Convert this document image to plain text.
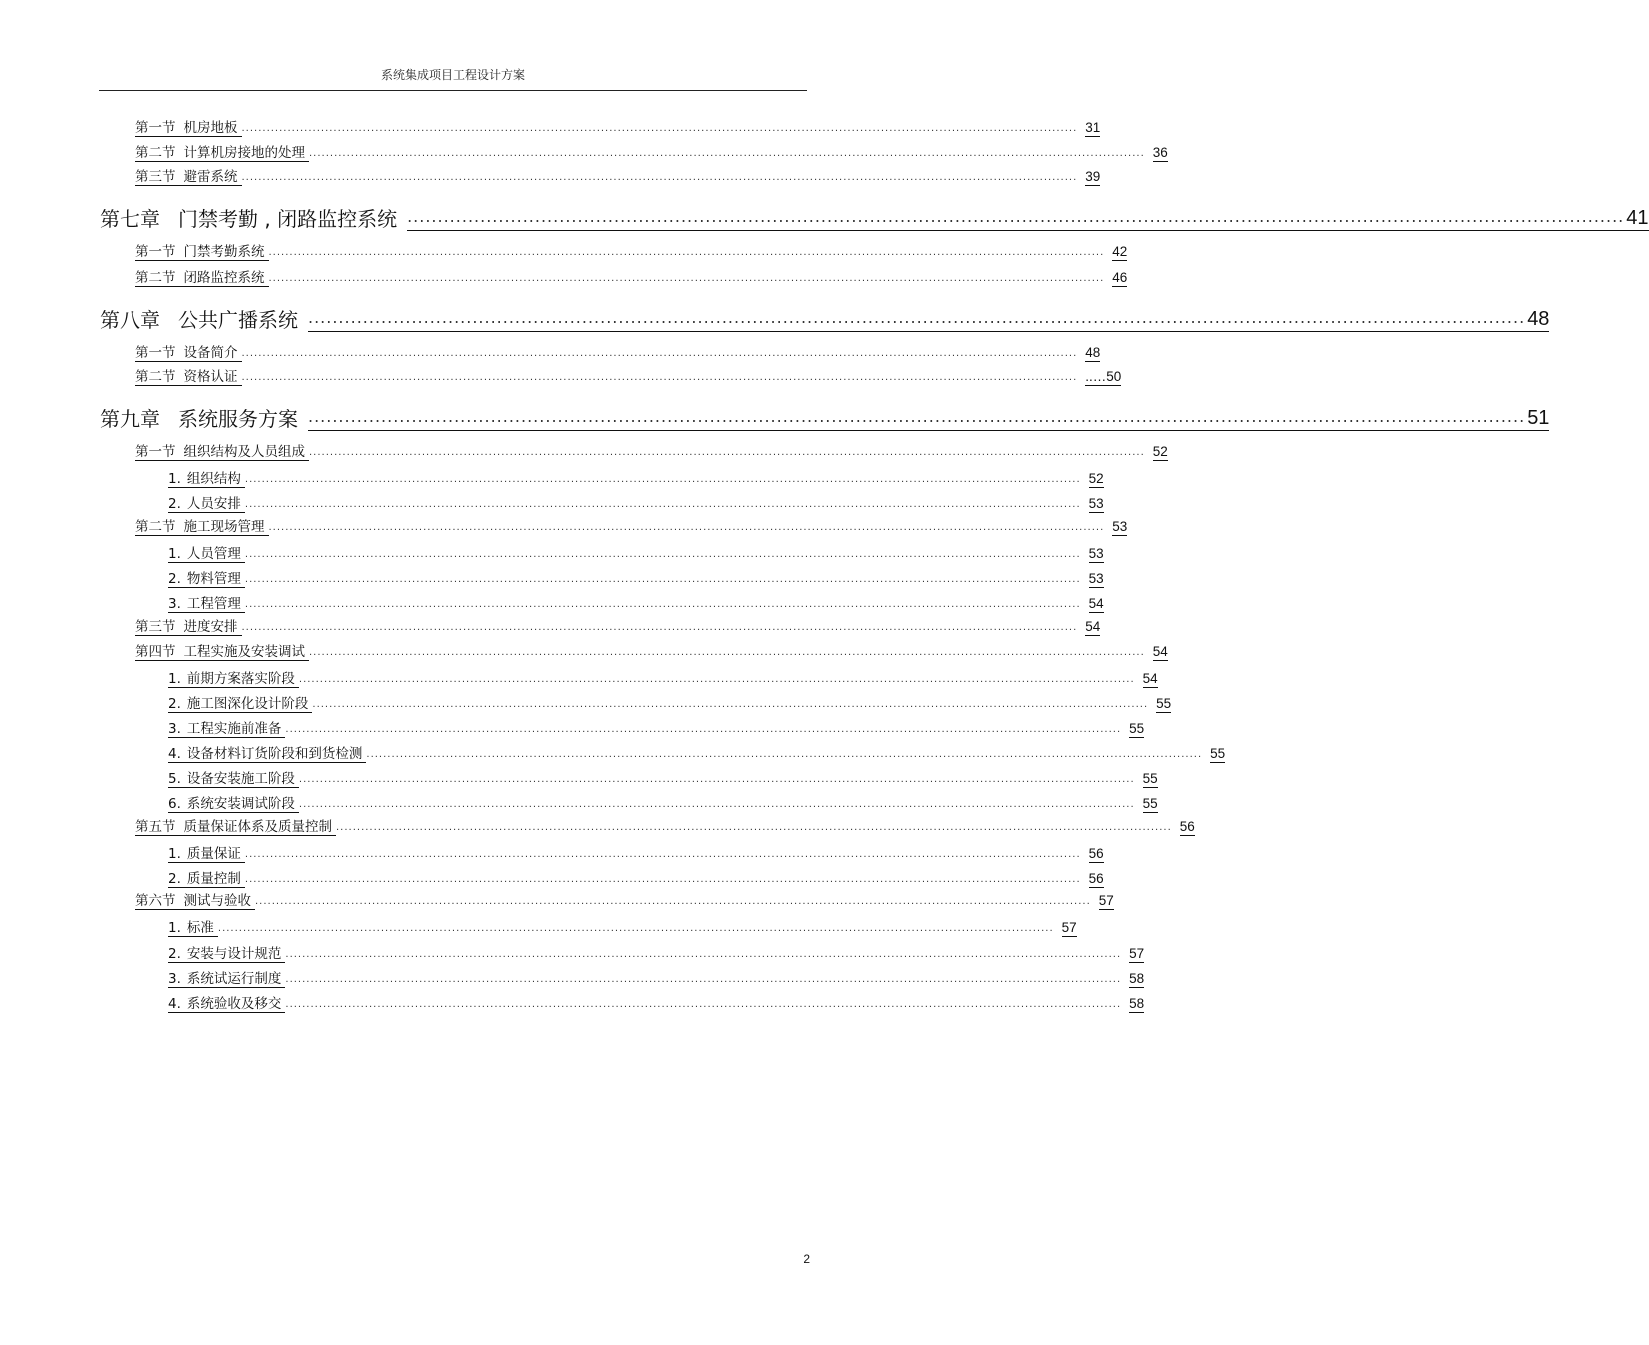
系统集成项目工程设计方案
第一节 机房地板 ........................................................................................................................................................................................................ 31
第二节 计算机房接地的处理 ........................................................................................................................................................................................................ 36
第三节 避雷系统 ........................................................................................................................................................................................................ 39
第七章 门禁考勤 , 闭路监控系统 ........................................................................................................................................................................................................ 41
第一节 门禁考勤系统 ........................................................................................................................................................................................................ 42
第二节 闭路监控系统 ........................................................................................................................................................................................................ 46
第八章 公共广播系统 ........................................................................................................................................................................................................ 48
第一节 设备简介 ........................................................................................................................................................................................................ 48
第二节 资格认证 ........................................................................................................................................................................................................ ..…50
第九章 系统服务方案 ........................................................................................................................................................................................................ 51
第一节 组织结构及人员组成 ........................................................................................................................................................................................................ 52
1. 组织结构 ........................................................................................................................................................................................................ 52
2. 人员安排 ........................................................................................................................................................................................................ 53
第二节 施工现场管理 ........................................................................................................................................................................................................ 53
1. 人员管理 ........................................................................................................................................................................................................ 53
2. 物料管理 ........................................................................................................................................................................................................ 53
3. 工程管理 ........................................................................................................................................................................................................ 54
第三节 进度安排 ........................................................................................................................................................................................................ 54
第四节 工程实施及安装调试 ........................................................................................................................................................................................................ 54
1. 前期方案落实阶段 ........................................................................................................................................................................................................ 54
2. 施工图深化设计阶段 ........................................................................................................................................................................................................ 55
3. 工程实施前准备 ........................................................................................................................................................................................................ 55
4. 设备材料订货阶段和到货检测 ........................................................................................................................................................................................................ 55
5. 设备安装施工阶段 ........................................................................................................................................................................................................ 55
6. 系统安装调试阶段 ........................................................................................................................................................................................................ 55
第五节 质量保证体系及质量控制 ........................................................................................................................................................................................................ 56
1. 质量保证 ........................................................................................................................................................................................................ 56
2. 质量控制 ........................................................................................................................................................................................................ 56
第六节 测试与验收 ........................................................................................................................................................................................................ 57
1. 标准 ........................................................................................................................................................................................................ 57
2. 安装与设计规范 ........................................................................................................................................................................................................ 57
3. 系统试运行制度 ........................................................................................................................................................................................................ 58
4. 系统验收及移交 ........................................................................................................................................................................................................ 58
2
